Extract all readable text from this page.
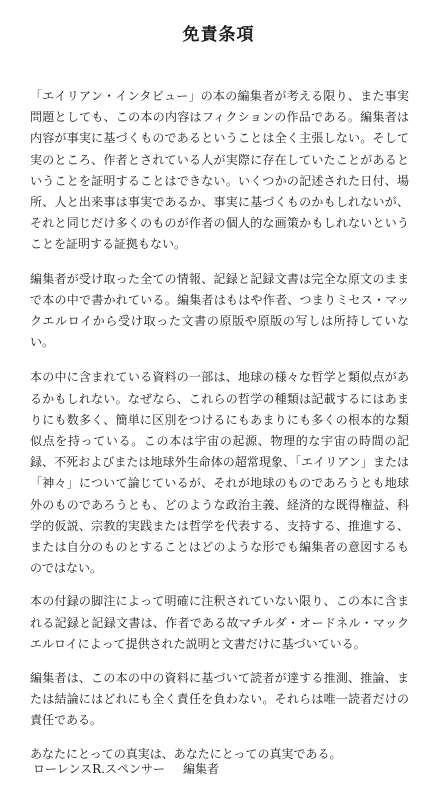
免責条項

「エイリアン・インタビュー」の本の編集者が考える限り、また事実問題としても、この本の内容はフィクションの作品である。編集者は内容が事実に基づくものであるということは全く主張しない。そして実のところ、作者とされている人が実際に存在していたことがあるということを証明することはできない。いくつかの記述された日付、場所、人と出来事は事実であるか、事実に基づくものかもしれないが、それと同じだけ多くのものが作者の個人的な画策かもしれないということを証明する証拠もない。

編集者が受け取った全ての情報、記録と記録文書は完全な原文のままで本の中で書かれている。編集者はもはや作者、つまりミセス・マックエルロイから受け取った文書の原版や原版の写しは所持していない。

本の中に含まれている資料の一部は、地球の様々な哲学と類似点があるかもしれない。なぜなら、これらの哲学の種類は記載するにはあまりにも数多く、簡単に区別をつけるにもあまりにも多くの根本的な類似点を持っている。この本は宇宙の起源、物理的な宇宙の時間の記録、不死およびまたは地球外生命体の超常現象、「エイリアン」または「神々」について論じているが、それが地球のものであろうとも地球外のものであろうとも、どのような政治主義、経済的な既得権益、科学的仮説、宗教的実践または哲学を代表する、支持する、推進する、または自分のものとすることはどのような形でも編集者の意図するものではない。

本の付録の脚注によって明確に注釈されていない限り、この本に含まれる記録と記録文書は、作者である故マチルダ・オードネル・マックエルロイによって提供された説明と文書だけに基づいている。

編集者は、この本の中の資料に基づいて読者が達する推測、推論、または結論にはどれにも全く責任を負わない。それらは唯一読者だけの責任である。

あなたにとっての真実は、あなたにとっての真実である。

ローレンスR.スペンサー 編集者
